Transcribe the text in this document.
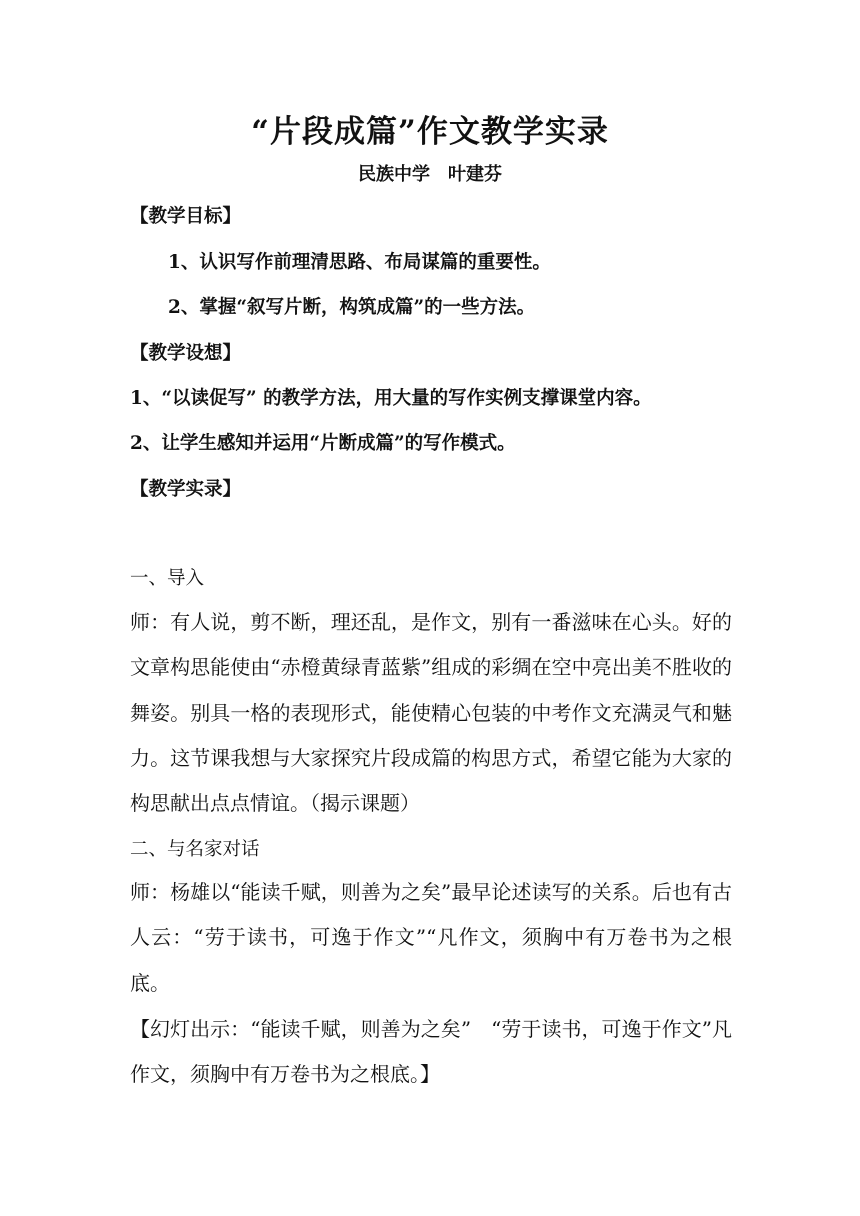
“片段成篇”作文教学实录
民族中学　叶建芬
【教学目标】
1、认识写作前理清思路、布局谋篇的重要性。
2、掌握“叙写片断，构筑成篇”的一些方法。
【教学设想】
1、“以读促写” 的教学方法，用大量的写作实例支撑课堂内容。
2、让学生感知并运用“片断成篇”的写作模式。
【教学实录】
一、导入
师：有人说，剪不断，理还乱，是作文，别有一番滋味在心头。好的文章构思能使由“赤橙黄绿青蓝紫”组成的彩绸在空中亮出美不胜收的舞姿。别具一格的表现形式，能使精心包装的中考作文充满灵气和魅力。这节课我想与大家探究片段成篇的构思方式，希望它能为大家的构思献出点点情谊。（揭示课题）
二、与名家对话
师：杨雄以“能读千赋，则善为之矣”最早论述读写的关系。后也有古人云：“劳于读书，可逸于作文”“凡作文，须胸中有万卷书为之根底。
【幻灯出示：“能读千赋，则善为之矣”　“劳于读书，可逸于作文”凡作文，须胸中有万卷书为之根底。】
